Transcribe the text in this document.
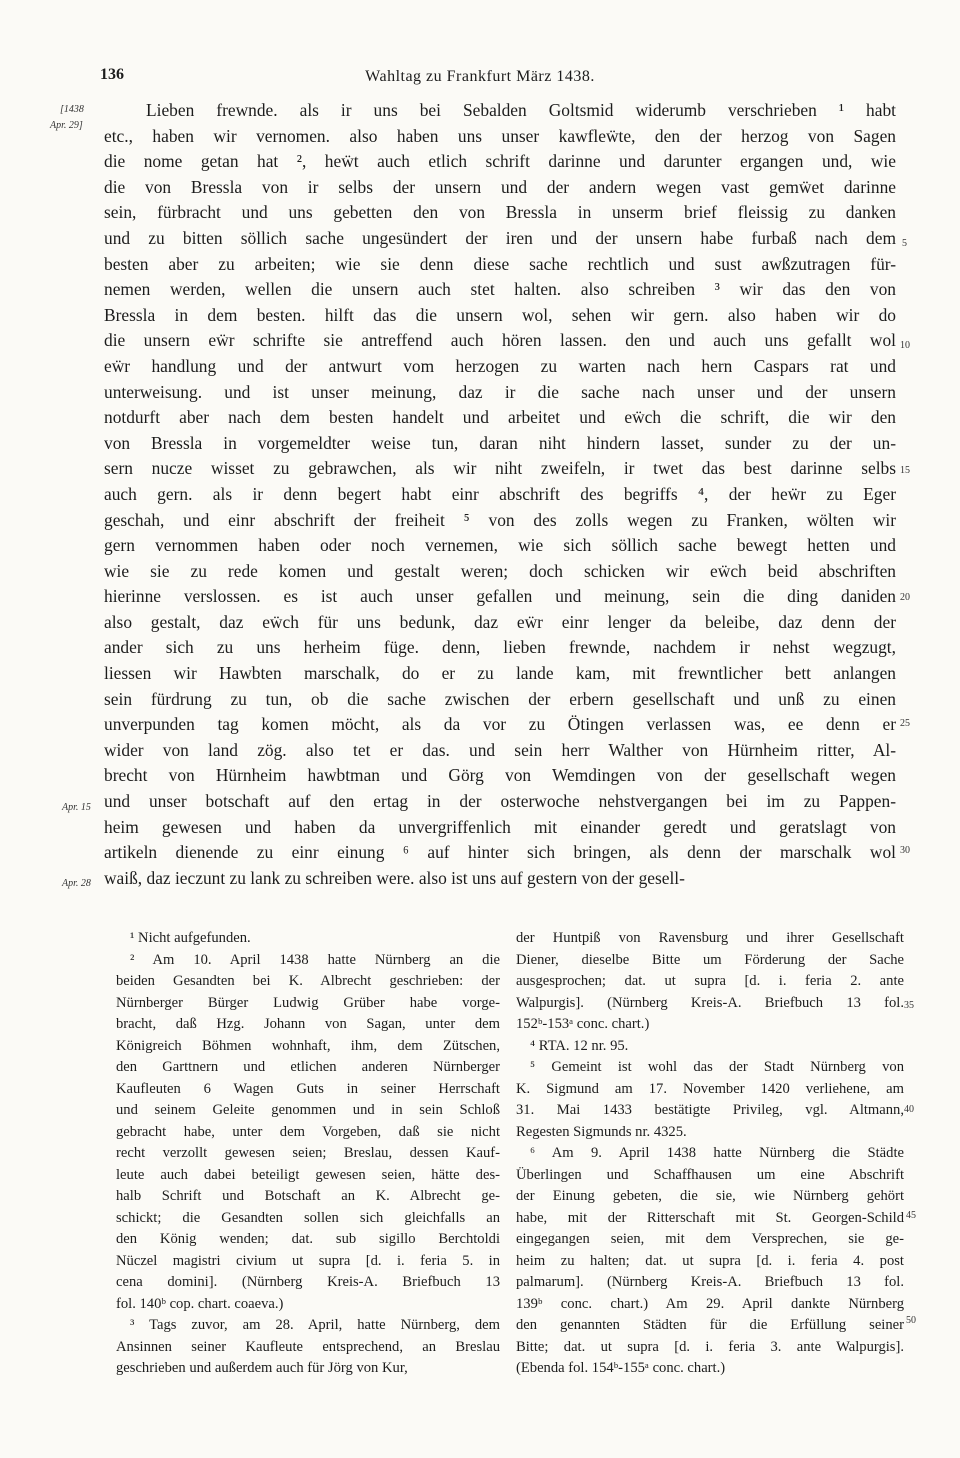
136	Wahltag zu Frankfurt März 1438.
[1438
Apr. 29]
Apr. 15
Apr. 28
5
10
15
20
25
30
35
40
45
50
Lieben frewnde. als ir uns bei Sebalden Goltsmid widerumb verschrieben ¹ habt
etc., haben wir vernomen. also haben uns unser kawfleẅte, den der herzog von Sagen
die nome getan hat ², heẅt auch etlich schrift darinne und darunter ergangen und, wie
die von Bressla von ir selbs der unsern und der andern wegen vast gemẅet darinne
sein, fürbracht und uns gebetten den von Bressla in unserm brief fleissig zu danken
und zu bitten söllich sache ungesündert der iren und der unsern habe furbaß nach dem
besten aber zu arbeiten; wie sie denn diese sache rechtlich und sust awßzutragen für-
nemen werden, wellen die unsern auch stet halten. also schreiben ³ wir das den von
Bressla in dem besten. hilft das die unsern wol, sehen wir gern. also haben wir do
die unsern eẅr schrifte sie antreffend auch hören lassen. den und auch uns gefallt wol
eẅr handlung und der antwurt vom herzogen zu warten nach hern Caspars rat und
unterweisung. und ist unser meinung, daz ir die sache nach unser und der unsern
notdurft aber nach dem besten handelt und arbeitet und eẅch die schrift, die wir den
von Bressla in vorgemeldter weise tun, daran niht hindern lasset, sunder zu der un-
sern nucze wisset zu gebrawchen, als wir niht zweifeln, ir twet das best darinne selbs
auch gern. als ir denn begert habt einr abschrift des begriffs ⁴, der heẅr zu Eger
geschah, und einr abschrift der freiheit ⁵ von des zolls wegen zu Franken, wölten wir
gern vernommen haben oder noch vernemen, wie sich söllich sache bewegt hetten und
wie sie zu rede komen und gestalt weren; doch schicken wir eẅch beid abschriften
hierinne verslossen. es ist auch unser gefallen und meinung, sein die ding daniden
also gestalt, daz eẅch für uns bedunk, daz eẅr einr lenger da beleibe, daz denn der
ander sich zu uns herheim füge. denn, lieben frewnde, nachdem ir nehst wegzugt,
liessen wir Hawbten marschalk, do er zu lande kam, mit frewntlicher bett anlangen
sein fürdrung zu tun, ob die sache zwischen der erbern gesellschaft und unß zu einen
unverpunden tag komen möcht, als da vor zu Ötingen verlassen was, ee denn er
wider von land zög. also tet er das. und sein herr Walther von Hürnheim ritter, Al-
brecht von Hürnheim hawbtman und Görg von Wemdingen von der gesellschaft wegen
und unser botschaft auf den ertag in der osterwoche nehstvergangen bei im zu Pappen-
heim gewesen und haben da unvergriffenlich mit einander geredt und geratslagt von
artikeln dienende zu einr einung ⁶ auf hinter sich bringen, als denn der marschalk wol
waiß, daz ieczunt zu lank zu schreiben were. also ist uns auf gestern von der gesell-
¹ Nicht aufgefunden.
² Am 10. April 1438 hatte Nürnberg an die
beiden Gesandten bei K. Albrecht geschrieben: der
Nürnberger Bürger Ludwig Grüber habe vorge-
bracht, daß Hzg. Johann von Sagan, unter dem
Königreich Böhmen wohnhaft, ihm, dem Zütschen,
den Garttnern und etlichen anderen Nürnberger
Kaufleuten 6 Wagen Guts in seiner Herrschaft
und seinem Geleite genommen und in sein Schloß
gebracht habe, unter dem Vorgeben, daß sie nicht
recht verzollt gewesen seien; Breslau, dessen Kauf-
leute auch dabei beteiligt gewesen seien, hätte des-
halb Schrift und Botschaft an K. Albrecht ge-
schickt; die Gesandten sollen sich gleichfalls an
den König wenden; dat. sub sigillo Berchtoldi
Nüczel magistri civium ut supra [d. i. feria 5. in
cena domini]. (Nürnberg Kreis-A. Briefbuch 13
fol. 140ᵇ cop. chart. coaeva.)
³ Tags zuvor, am 28. April, hatte Nürnberg, dem
Ansinnen seiner Kaufleute entsprechend, an Breslau
geschrieben und außerdem auch für Jörg von Kur,
der Huntpiß von Ravensburg und ihrer Gesellschaft
Diener, dieselbe Bitte um Förderung der Sache
ausgesprochen; dat. ut supra [d. i. feria 2. ante
Walpurgis]. (Nürnberg Kreis-A. Briefbuch 13 fol.
152ᵇ-153ᵃ conc. chart.)
⁴ RTA. 12 nr. 95.
⁵ Gemeint ist wohl das der Stadt Nürnberg von
K. Sigmund am 17. November 1420 verliehene, am
31. Mai 1433 bestätigte Privileg, vgl. Altmann,
Regesten Sigmunds nr. 4325.
⁶ Am 9. April 1438 hatte Nürnberg die Städte
Überlingen und Schaffhausen um eine Abschrift
der Einung gebeten, die sie, wie Nürnberg gehört
habe, mit der Ritterschaft mit St. Georgen-Schild
eingegangen seien, mit dem Versprechen, sie ge-
heim zu halten; dat. ut supra [d. i. feria 4. post
palmarum]. (Nürnberg Kreis-A. Briefbuch 13 fol.
139ᵇ conc. chart.) Am 29. April dankte Nürnberg
den genannten Städten für die Erfüllung seiner
Bitte; dat. ut supra [d. i. feria 3. ante Walpurgis].
(Ebenda fol. 154ᵇ-155ᵃ conc. chart.)
